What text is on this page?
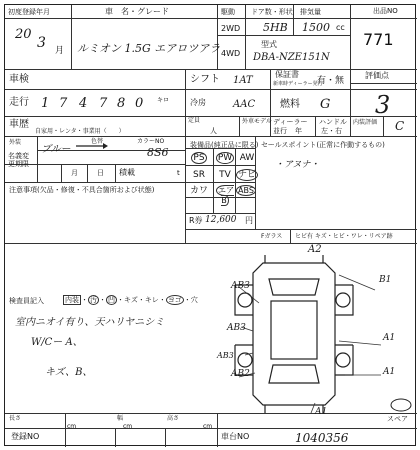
初度登録年月	車　名・グレード	駆動 ドア数・形状 排気量	出品NO
20
3 月 ルミオン 1.5G エアロツアラ
2WD
4WD
5HB 1500 cc
型式
DBA-NZE151N
771
車検	シフト 1AT
保証書
新車時ディーラー発行
有・無
評価点
3
走行 1 7 4 7 8 0 キロ	冷房	AAC 燃料 G
車歴
自家用・レンタ・事業用（　　）
定員
人
外車モデル
年
ディーラー
並行
ハンドル
左・右
内装評価	C
外装	色替	カラーNO
ブルー	8S6
名義変更期限
月	日 積載	t
装備品(純正品に限る)
PS	PW AW
SR	TV ナビ
カワ	エアB
ABS
R券 12,600 円
セールスポイント(正常に作動するもの)
・アヌナ・
Fガラス ヒビ有 キズ・ヒビ・ワレ・リペア跡
注意事項(欠品・修復・不具合箇所および状態)
検査員記入	内装 ・ 汚 ・ 凹 ・キズ・キレ・ ヨゴ ・穴
室内ニオイ有り、天ハリヤニシミ
W/Cー A、
キズ、B、
A2
AB3
B1
AB3
A1
A1
AB2
A1
AB3
スペア
長さ
cm
幅
cm
高さ
cm
登録NO	車台NO	1040356
